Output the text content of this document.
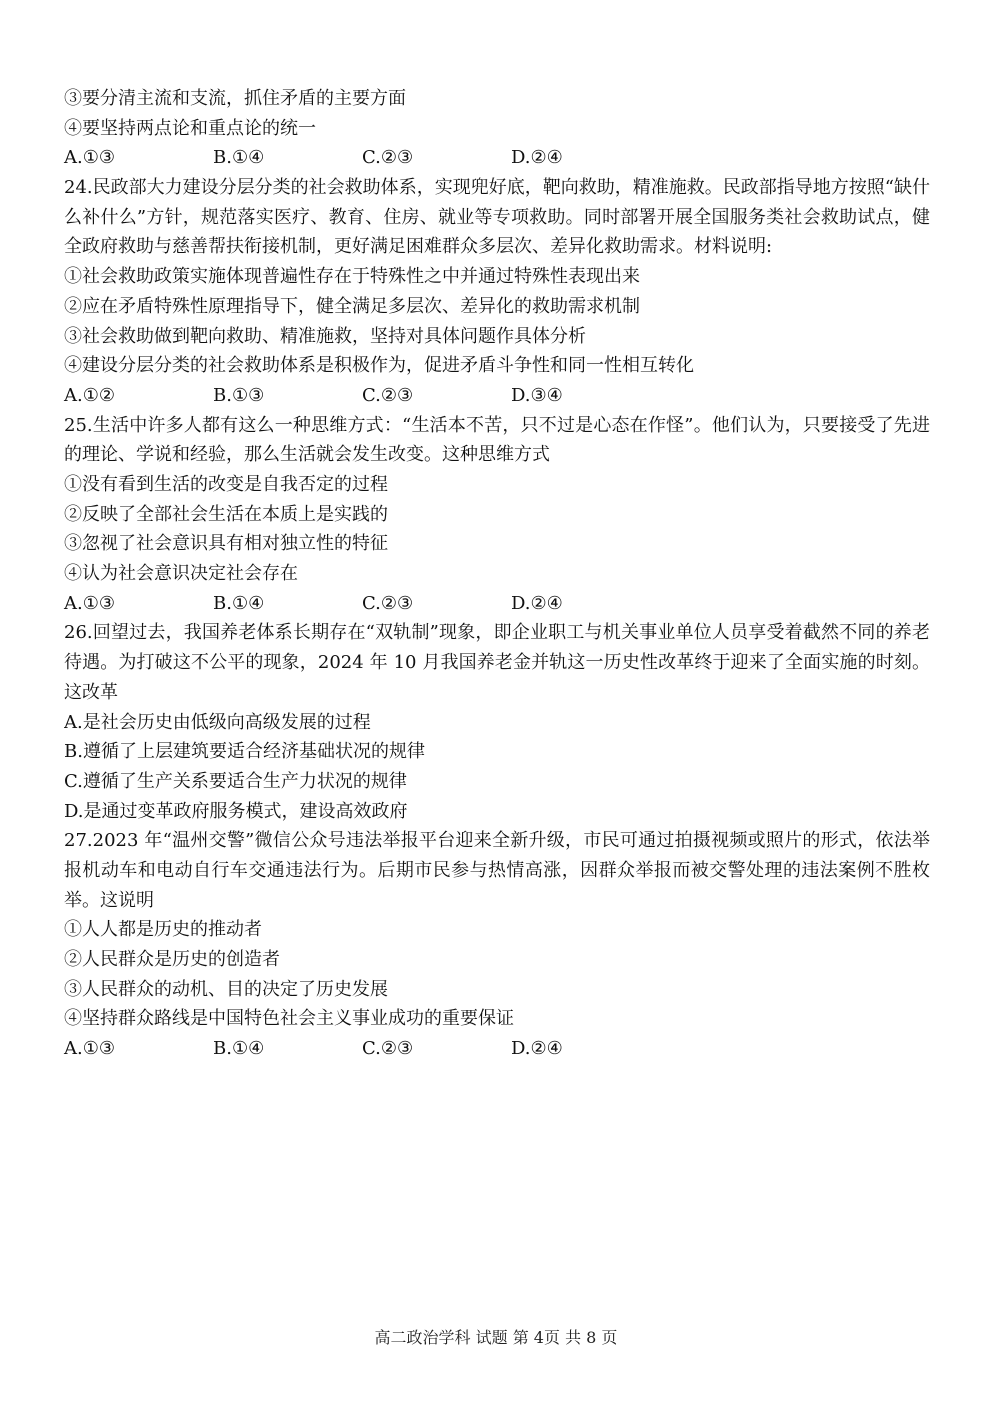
③要分清主流和支流，抓住矛盾的主要方面
④要坚持两点论和重点论的统一
A.①③	B.①④	C.②③	D.②④
24.民政部大力建设分层分类的社会救助体系，实现兜好底，靶向救助，精准施救。民政部指导地方按照“缺什么补什么”方针，规范落实医疗、教育、住房、就业等专项救助。同时部署开展全国服务类社会救助试点，健全政府救助与慈善帮扶衔接机制，更好满足困难群众多层次、差异化救助需求。材料说明:
①社会救助政策实施体现普遍性存在于特殊性之中并通过特殊性表现出来
②应在矛盾特殊性原理指导下，健全满足多层次、差异化的救助需求机制
③社会救助做到靶向救助、精准施救，坚持对具体问题作具体分析
④建设分层分类的社会救助体系是积极作为，促进矛盾斗争性和同一性相互转化
A.①②	B.①③	C.②③	D.③④
25.生活中许多人都有这么一种思维方式：“生活本不苦，只不过是心态在作怪”。他们认为，只要接受了先进的理论、学说和经验，那么生活就会发生改变。这种思维方式
①没有看到生活的改变是自我否定的过程
②反映了全部社会生活在本质上是实践的
③忽视了社会意识具有相对独立性的特征
④认为社会意识决定社会存在
A.①③	B.①④	C.②③	D.②④
26.回望过去，我国养老体系长期存在“双轨制”现象，即企业职工与机关事业单位人员享受着截然不同的养老待遇。为打破这不公平的现象，2024 年 10 月我国养老金并轨这一历史性改革终于迎来了全面实施的时刻。这改革
A.是社会历史由低级向高级发展的过程
B.遵循了上层建筑要适合经济基础状况的规律
C.遵循了生产关系要适合生产力状况的规律
D.是通过变革政府服务模式，建设高效政府
27.2023 年“温州交警”微信公众号违法举报平台迎来全新升级，市民可通过拍摄视频或照片的形式，依法举报机动车和电动自行车交通违法行为。后期市民参与热情高涨，因群众举报而被交警处理的违法案例不胜枚举。这说明
①人人都是历史的推动者
②人民群众是历史的创造者
③人民群众的动机、目的决定了历史发展
④坚持群众路线是中国特色社会主义事业成功的重要保证
A.①③	B.①④	C.②③	D.②④
高二政治学科 试题 第 4页 共 8 页
